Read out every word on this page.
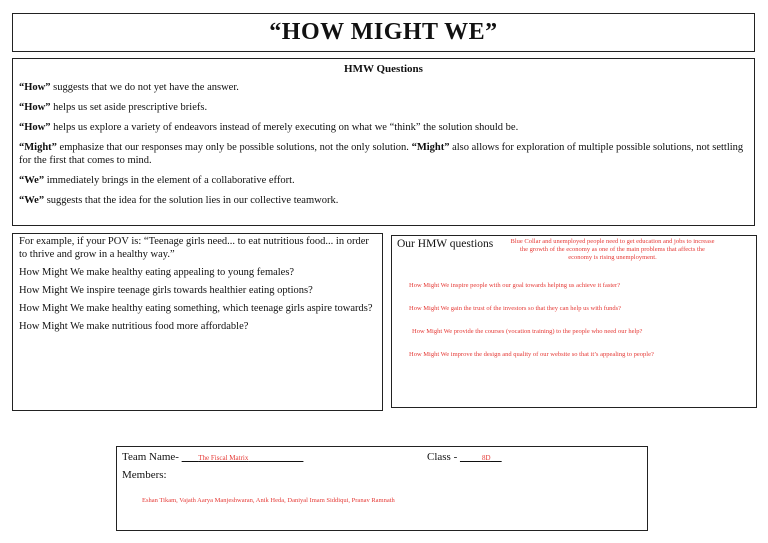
“HOW MIGHT WE”
HMW Questions

“How” suggests that we do not yet have the answer.

“How” helps us set aside prescriptive briefs.

“How” helps us explore a variety of endeavors instead of merely executing on what we “think” the solution should be.

“Might” emphasize that our responses may only be possible solutions, not the only solution. “Might” also allows for exploration of multiple possible solutions, not settling for the first that comes to mind.

“We” immediately brings in the element of a collaborative effort.

“We” suggests that the idea for the solution lies in our collective teamwork.

For example, if your POV is: “Teenage girls need... to eat nutritious food... in order to thrive and grow in a healthy way.”

How Might We make healthy eating appealing to young females?

How Might We inspire teenage girls towards healthier eating options?

How Might We make healthy eating something, which teenage girls aspire towards?

How Might We make nutritious food more affordable?

Our HMW questions	Blue Collar and unemployed people need to get education and jobs to increase the growth of the economy as one of the main problems that affects the economy is rising unemployment.
How Might We inspire people with our goal towards helping us achieve it faster?
How Might We gain the trust of the investors so that they can help us with funds?
How Might We provide the courses (vocation training) to the people who need our help?
How Might We improve the design and quality of our website so that it’s appealing to people?
Team Name- ___The Fiscal Matrix__________	Class - ____8D__
Members:
Eshan Tikam, Vajath Aarya Manjeshwaran, Anik Heda, Daniyal Imam Siddiqui, Pranav Ramnath
